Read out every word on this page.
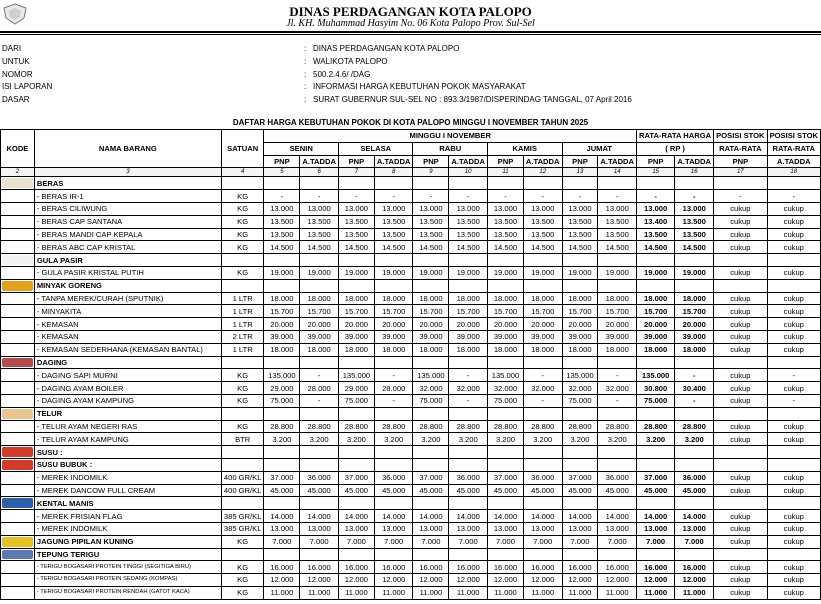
DINAS PERDAGANGAN KOTA PALOPO
Jl. KH. Muhammad Hasyim No. 06 Kota Palopo Prov. Sul-Sel
DARI	: DINAS PERDAGANGAN KOTA PALOPO
UNTUK	: WALIKOTA PALOPO
NOMOR	: 500.2.4.6/ /DAG
ISI LAPORAN	: INFORMASI HARGA KEBUTUHAN POKOK MASYARAKAT
DASAR	: SURAT GUBERNUR SUL-SEL NO : 893.3/1987/DISPERINDAG TANGGAL, 07 April 2016
DAFTAR HARGA KEBUTUHAN POKOK DI KOTA PALOPO MINGGU I NOVEMBER TAHUN 2025
KODE	NAMA BARANG	SATUAN	MINGGU I NOVEMBER										RATA-RATA HARGA		POSISI STOK	POSISI STOK
			SENIN		SELASA		RABU		KAMIS		JUMAT		( RP )		RATA-RATA	RATA-RATA
			PNP	A.TADDA	PNP	A.TADDA	PNP	A.TADDA	PNP	A.TADDA	PNP	A.TADDA	PNP	A.TADDA	PNP	A.TADDA
2	3	4	5	6	7	8	9	10	11	12	13	14	15	16	17	18

	BERAS															
	- BERAS IR-1	KG	-	-	-	-	-	-	-	-	-	-	-	-	-	-
	- BERAS CILIWUNG	KG	13.000	13.000	13.000	13.000	13.000	13.000	13.000	13.000	13.000	13.000	13.000	13.000	cukup	cukup
	- BERAS CAP SANTANA	KG	13.500	13.500	13.500	13.500	13.500	13.500	13.500	13.500	13.500	13.500	13.400	13.500	cukup	cukup
	- BERAS MANDI CAP KEPALA	KG	13.500	13.500	13.500	13.500	13.500	13.500	13.500	13.500	13.500	13.500	13.500	13.500	cukup	cukup
	- BERAS ABC CAP KRISTAL	KG	14.500	14.500	14.500	14.500	14.500	14.500	14.500	14.500	14.500	14.500	14.500	14.500	cukup	cukup

	GULA PASIR															
	- GULA PASIR KRISTAL PUTIH	KG	19.000	19.000	19.000	19.000	19.000	19.000	19.000	19.000	19.000	19.000	19.000	19.000	cukup	cukup

	MINYAK GORENG															
	- TANPA MEREK/CURAH (SPUTNIK)	1 LTR	18.000	18.000	18.000	18.000	18.000	18.000	18.000	18.000	18.000	18.000	18.000	18.000	cukup	cukup
	- MINYAKITA	1 LTR	15.700	15.700	15.700	15.700	15.700	15.700	15.700	15.700	15.700	15.700	15.700	15.700	cukup	cukup
	- KEMASAN	1 LTR	20.000	20.000	20.000	20.000	20.000	20.000	20.000	20.000	20.000	20.000	20.000	20.000	cukup	cukup
	- KEMASAN	2 LTR	39.000	39.000	39.000	39.000	39.000	39.000	39.000	39.000	39.000	39.000	39.000	39.000	cukup	cukup
	- KEMASAN SEDERHANA (KEMASAN BANTAL)	1 LTR	18.000	18.000	18.000	18.000	18.000	18.000	18.000	18.000	18.000	18.000	18.000	18.000	cukup	cukup

	DAGING															
	- DAGING SAPI MURNI	KG	135.000	-	135.000	-	135.000	-	135.000	-	135.000	-	135.000	-	cukup	-
	- DAGING AYAM BOILER	KG	29.000	28.000	29.000	28.000	32.000	32.000	32.000	32.000	32.000	32.000	30.800	30.400	cukup	cukup
	- DAGING AYAM KAMPUNG	KG	75.000	-	75.000	-	75.000	-	75.000	-	75.000	-	75.000	-	cukup	-

	TELUR															
	- TELUR AYAM NEGERI RAS	KG	28.800	28.800	28.800	28.800	28.800	28.800	28.800	28.800	28.800	28.800	28.800	28.800	cukup	cukup
	- TELUR AYAM KAMPUNG	BTR	3.200	3.200	3.200	3.200	3.200	3.200	3.200	3.200	3.200	3.200	3.200	3.200	cukup	cukup

	SUSU :															

	SUSU BUBUK :															
	- MEREK INDOMILK	400 GR/KL	37.000	36.000	37.000	36.000	37.000	36.000	37.000	36.000	37.000	36.000	37.000	36.000	cukup	cukup
	- MEREK DANCOW FULL CREAM	400 GR/KL	45.000	45.000	45.000	45.000	45.000	45.000	45.000	45.000	45.000	45.000	45.000	45.000	cukup	cukup

	KENTAL MANIS															
	- MEREK FRISIAN FLAG	385 GR/KL	14.000	14.000	14.000	14.000	14.000	14.000	14.000	14.000	14.000	14.000	14.000	14.000	cukup	cukup
	- MEREK INDOMILK	385 GR/KL	13.000	13.000	13.000	13.000	13.000	13.000	13.000	13.000	13.000	13.000	13.000	13.000	cukup	cukup

	JAGUNG PIPILAN KUNING	KG	7.000	7.000	7.000	7.000	7.000	7.000	7.000	7.000	7.000	7.000	7.000	7.000	cukup	cukup

	TEPUNG TERIGU															
	- TERIGU BOGASARI PROTEIN TINGGI (SEGITIGA BIRU)	KG	16.000	16.000	16.000	16.000	16.000	16.000	16.000	16.000	16.000	16.000	16.000	16.000	cukup	cukup
	- TERIGU BOGASARI PROTEIN SEDANG (KOMPAS)	KG	12.000	12.000	12.000	12.000	12.000	12.000	12.000	12.000	12.000	12.000	12.000	12.000	cukup	cukup
	- TERIGU BOGASARI PROTEIN RENDAH (GATOT KACA)	KG	11.000	11.000	11.000	11.000	11.000	11.000	11.000	11.000	11.000	11.000	11.000	11.000	cukup	cukup
